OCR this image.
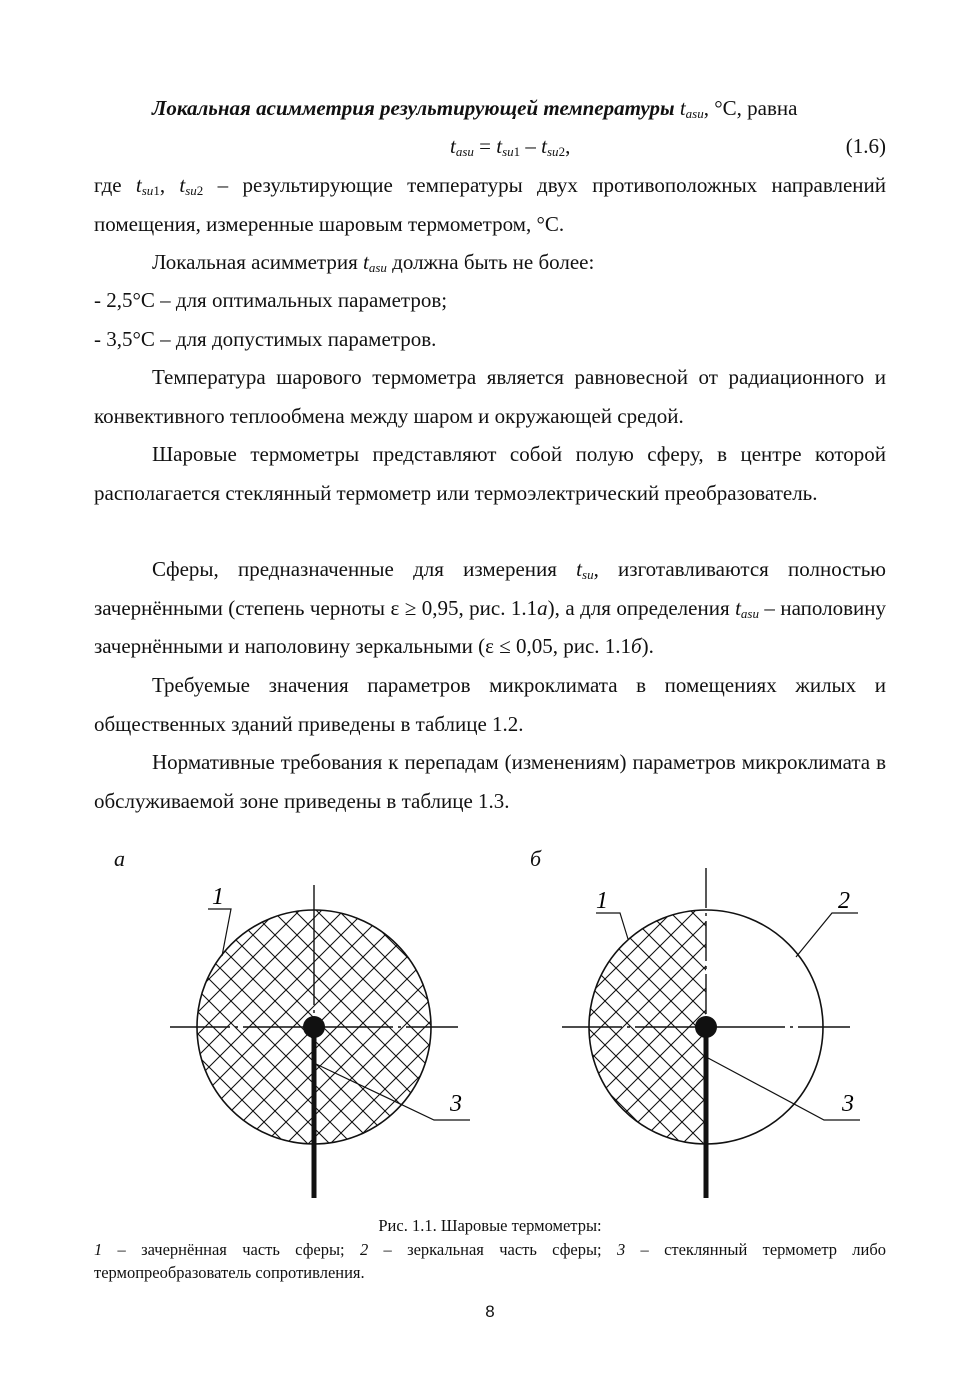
Локальная асимметрия результирующей температуры $t_{asu}$, °С, равна

$t_{asu} = t_{su1} - t_{su2}$,	(1.6)

где $t_{su1}$, $t_{su2}$ – результирующие температуры двух противоположных направлений помещения, измеренные шаровым термометром, °С.

Локальная асимметрия $t_{asu}$ должна быть не более:

- 2,5°С – для оптимальных параметров;

- 3,5°С – для допустимых параметров.

Температура шарового термометра является равновесной от радиационного и конвективного теплообмена между шаром и окружающей средой.

Шаровые термометры представляют собой полую сферу, в центре которой располагается стеклянный термометр или термоэлектрический преобразователь.

Сферы, предназначенные для измерения $t_{su}$, изготавливаются полностью зачернёнными (степень черноты ε ≥ 0,95, рис. 1.1а), а для определения $t_{asu}$ – наполовину зачернёнными и наполовину зеркальными (ε ≤ 0,05, рис. 1.1б).

Требуемые значения параметров микроклимата в помещениях жилых и общественных зданий приведены в таблице 1.2.

Нормативные требования к перепадам (изменениям) параметров микроклимата в обслуживаемой зоне приведены в таблице 1.3.

а	б
1
3
1	2
3

Рис. 1.1. Шаровые термометры:

1 – зачернённая часть сферы; 2 – зеркальная часть сферы; 3 – стеклянный термометр либо термопреобразователь сопротивления.

8
